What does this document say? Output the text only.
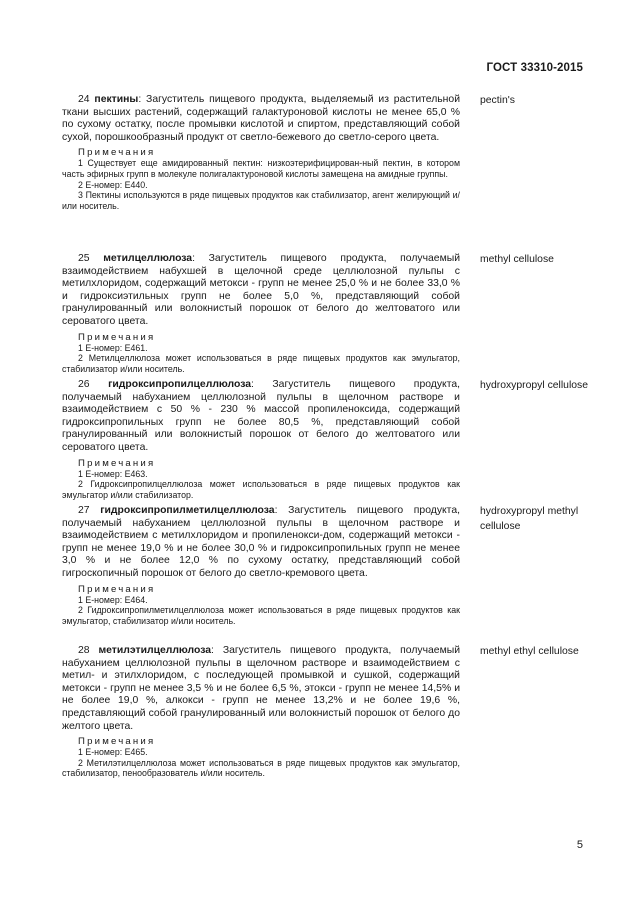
ГОСТ 33310-2015
24 пектины: Загуститель пищевого продукта, выделяемый из растительной ткани высших растений, содержащий галактуроновой кислоты не менее 65,0 % по сухому остатку, после промывки кислотой и спиртом, представляющий собой сухой, порошкообразный продукт от светло-бежевого до светло-серого цвета.
pectin's
Примечания
1 Существует еще амидированный пектин: низкоэтерифицирован-ный пектин, в котором часть эфирных групп в молекуле полигалактуроновой кислоты замещена на амидные группы.
2 Е-номер: Е440.
3 Пектины используются в ряде пищевых продуктов как стабилизатор, агент желирующий и/или носитель.
25 метилцеллюлоза: Загуститель пищевого продукта, получаемый взаимодействием набухшей в щелочной среде целлюлозной пульпы с метилхлоридом, содержащий метокси - групп не менее 25,0 % и не более 33,0 % и гидроксиэтильных групп не более 5,0 %, представляющий собой гранулированный или волокнистый порошок от белого до желтоватого или сероватого цвета.
methyl cellulose
Примечания
1 Е-номер: Е461.
2 Метилцеллюлоза может использоваться в ряде пищевых продуктов как эмульгатор, стабилизатор и/или носитель.
26 гидроксипропилцеллюлоза: Загуститель пищевого продукта, получаемый набуханием целлюлозной пульпы в щелочном растворе и взаимодействием с 50 % - 230 % массой пропиленоксида, содержащий гидроксипропильных групп не более 80,5 %, представляющий собой гранулированный или волокнистый порошок от белого до желтоватого или сероватого цвета.
hydroxypropyl cellulose
Примечания
1 Е-номер: Е463.
2 Гидроксипропилцеллюлоза может использоваться в ряде пищевых продуктов как эмульгатор и/или стабилизатор.
27 гидроксипропилметилцеллюлоза: Загуститель пищевого продукта, получаемый набуханием целлюлозной пульпы в щелочном растворе и взаимодействием с метилхлоридом и пропиленокси-дом, содержащий метокси - групп не менее 19,0 % и не более 30,0 % и гидроксипропильных групп не менее 3,0 % и не более 12,0 % по сухому остатку, представляющий собой гигроскопичный порошок от белого до светло-кремового цвета.
hydroxypropyl methyl cellulose
Примечания
1 Е-номер: Е464.
2 Гидроксипропилметилцеллюлоза может использоваться в ряде пищевых продуктов как эмульгатор, стабилизатор и/или носитель.
28 метилэтилцеллюлоза: Загуститель пищевого продукта, получаемый набуханием целлюлозной пульпы в щелочном растворе и взаимодействием с метил- и этилхлоридом, с последующей промывкой и сушкой, содержащий метокси - групп не менее 3,5 % и не более 6,5 %, этокси - групп не менее 14,5% и не более 19,0 %, алкокси - групп не менее 13,2% и не более 19,6 %, представляющий собой гранулированный или волокнистый порошок от белого до желтого цвета.
methyl ethyl cellulose
Примечания
1 Е-номер: Е465.
2 Метилэтилцеллюлоза может использоваться в ряде пищевых продуктов как эмульгатор, стабилизатор, пенообразователь и/или носитель.
5
